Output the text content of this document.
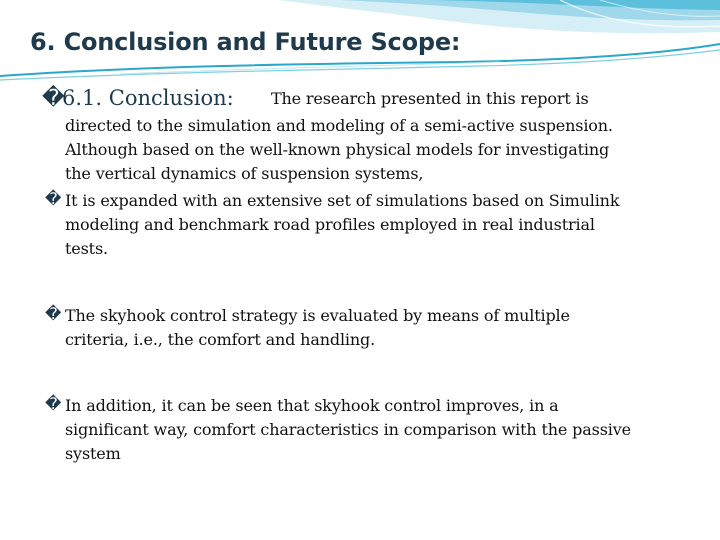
6. Conclusion and Future Scope:
�
6.1. Conclusion: The research presented in this report is
directed to the simulation and modeling of a semi-active suspension.
Although based on the well-known physical models for investigating
the vertical dynamics of suspension systems,
� It is expanded with an extensive set of simulations based on Simulink
modeling and benchmark road profiles employed in real industrial
tests.
� The skyhook control strategy is evaluated by means of multiple
criteria, i.e., the comfort and handling.
� In addition, it can be seen that skyhook control improves, in a
significant way, comfort characteristics in comparison with the passive
system
